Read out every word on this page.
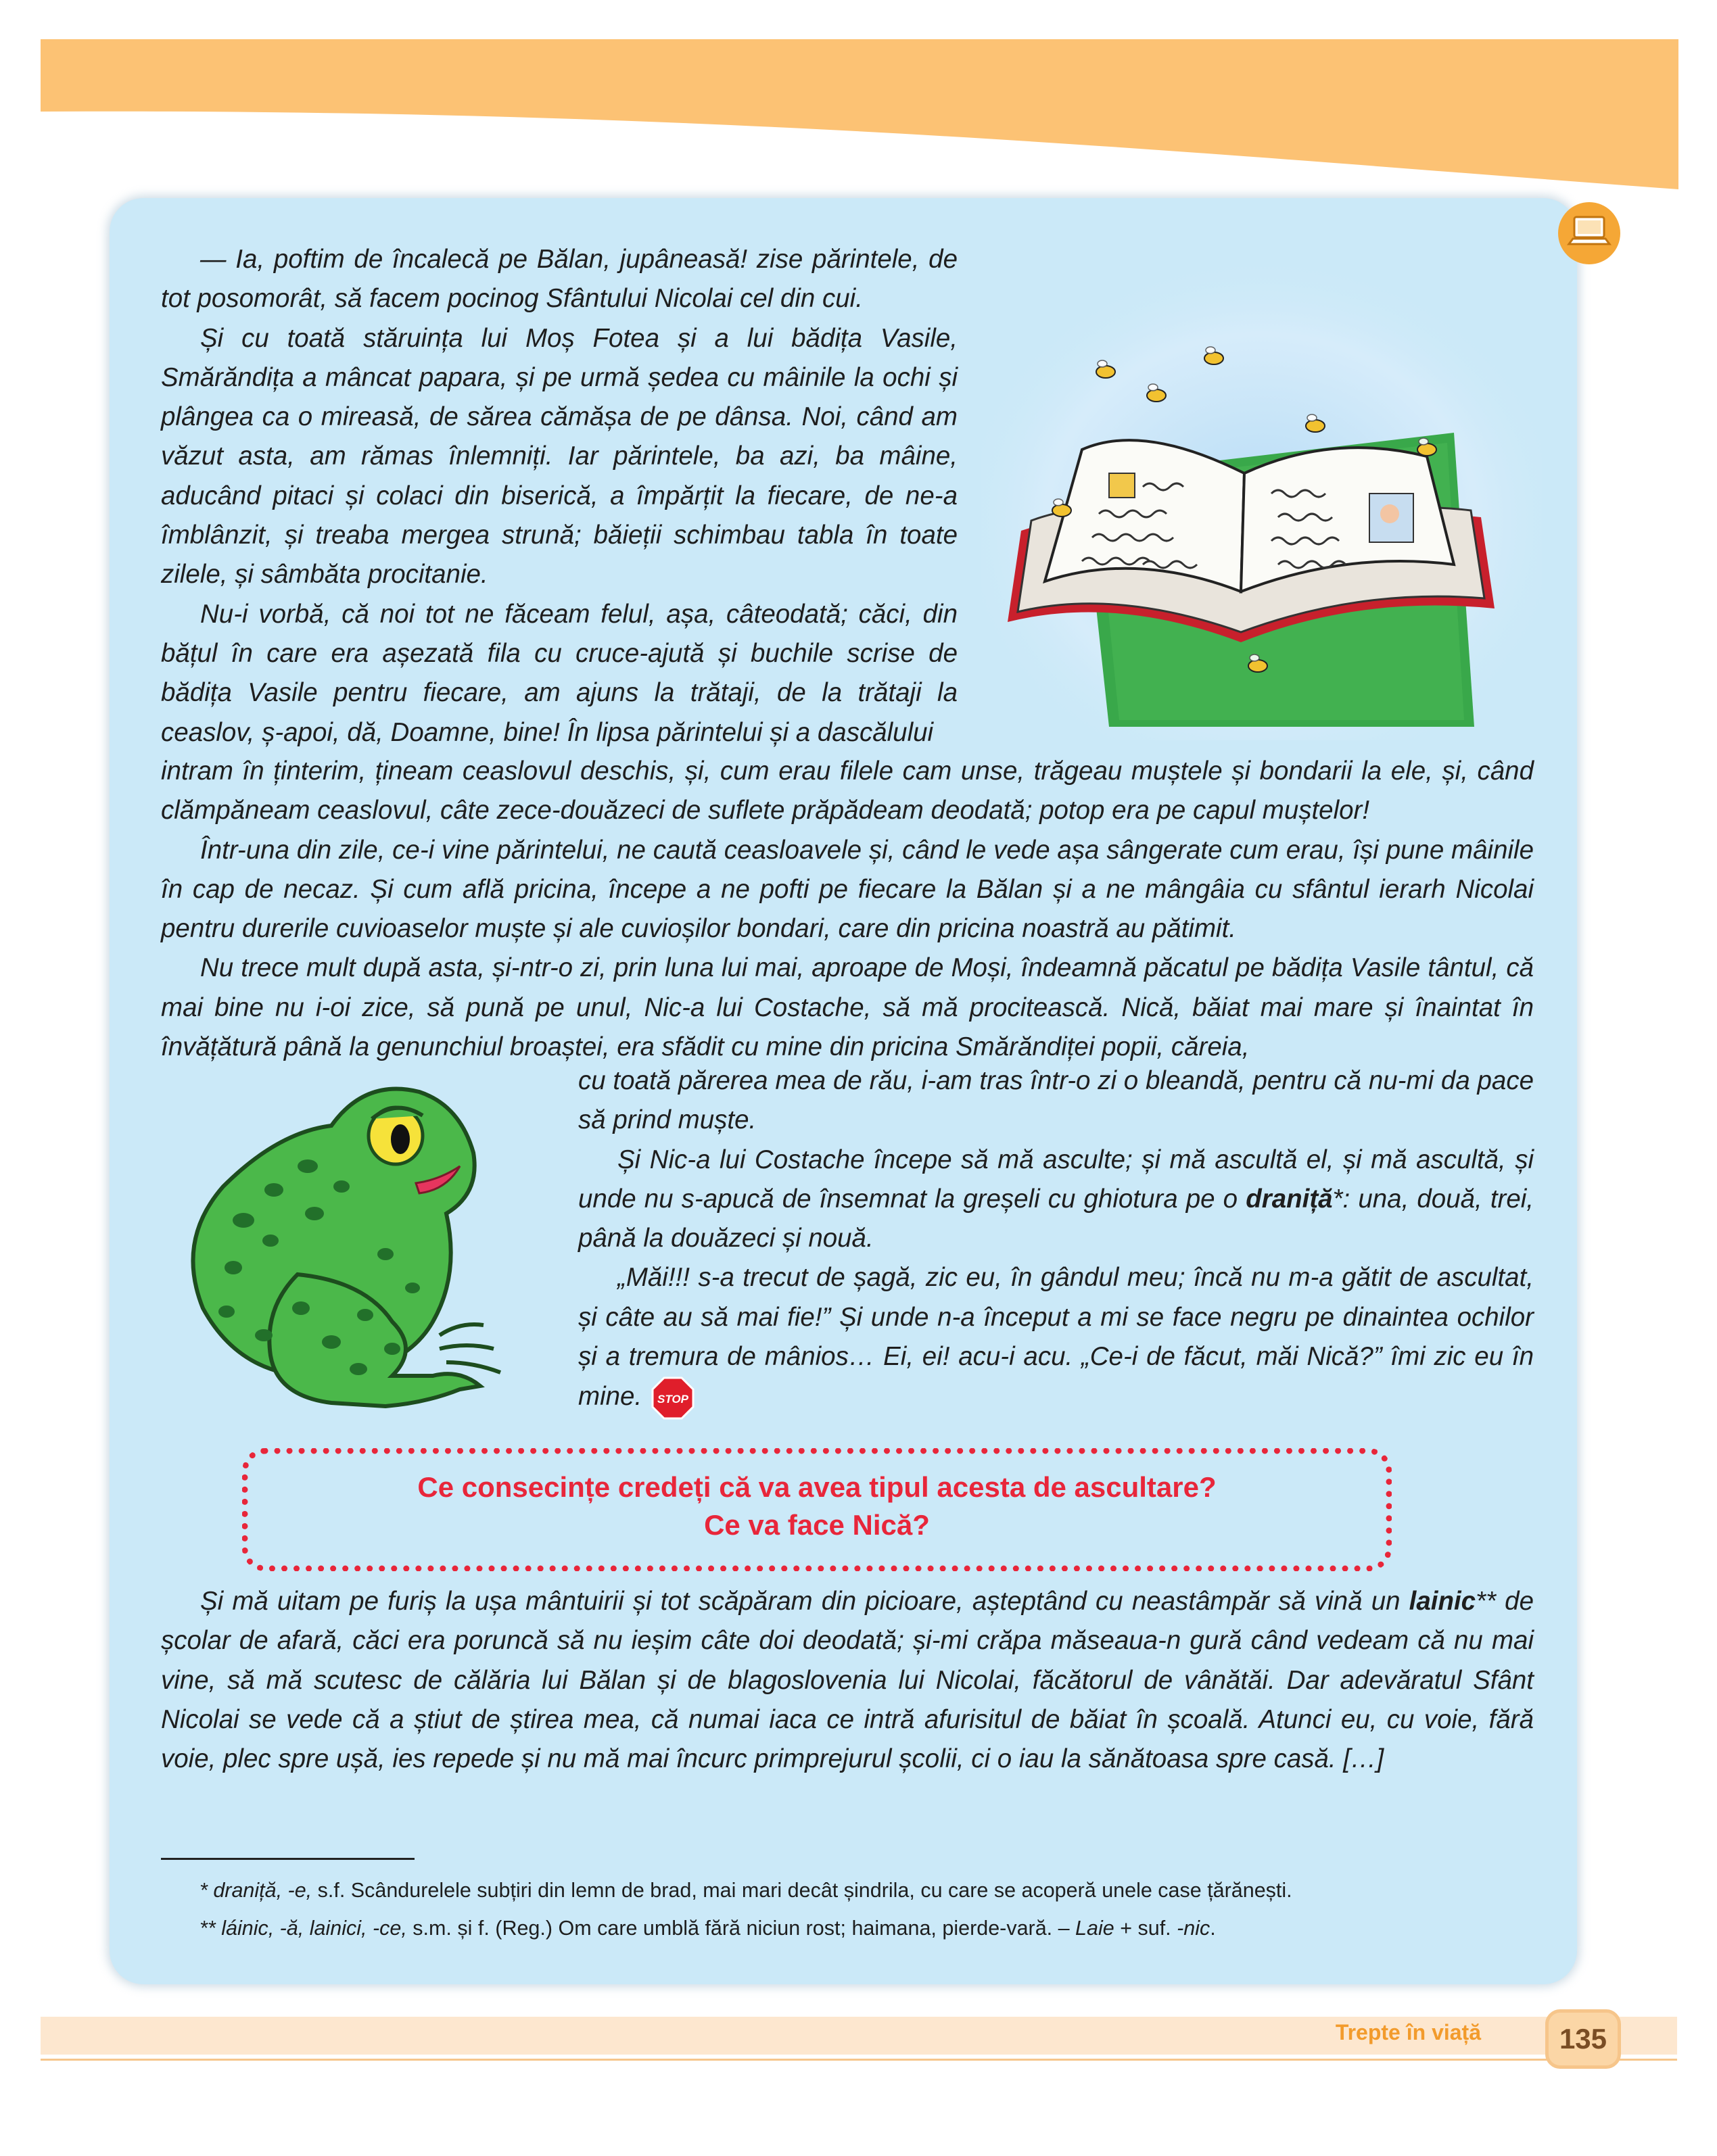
— Ia, poftim de încalecă pe Bălan, jupâneasă! zise părintele, de tot posomorât, să facem pocinog Sfântului Nicolai cel din cui.

Și cu toată stăruința lui Moș Fotea și a lui bădița Vasile, Smărăndița a mâncat papara, și pe urmă ședea cu mâinile la ochi și plângea ca o mireasă, de sărea cămășa de pe dânsa. Noi, când am văzut asta, am rămas înlemniți. Iar părintele, ba azi, ba mâine, aducând pitaci și colaci din biserică, a împărțit la fiecare, de ne-a îmblânzit, și treaba mergea strună; băieții schimbau tabla în toate zilele, și sâmbăta procitanie.

Nu-i vorbă, că noi tot ne făceam felul, așa, câteodată; căci, din bățul în care era așezată fila cu cruce-ajută și buchile scrise de bădița Vasile pentru fiecare, am ajuns la trătaji, de la trătaji la ceaslov, ș-apoi, dă, Doamne, bine! În lipsa părintelui și a dascălului

intram în ținterim, țineam ceaslovul deschis, și, cum erau filele cam unse, trăgeau muștele și bondarii la ele, și, când clămpăneam ceaslovul, câte zece-douăzeci de suflete prăpădeam deodată; potop era pe capul muștelor!

Într-una din zile, ce-i vine părintelui, ne caută ceasloavele și, când le vede așa sângerate cum erau, își pune mâinile în cap de necaz. Și cum află pricina, începe a ne pofti pe fiecare la Bălan și a ne mângâia cu sfântul ierarh Nicolai pentru durerile cuvioaselor muște și ale cuvioșilor bondari, care din pricina noastră au pătimit.

Nu trece mult după asta, și-ntr-o zi, prin luna lui mai, aproape de Moși, îndeamnă păcatul pe bădița Vasile tântul, că mai bine nu i-oi zice, să pună pe unul, Nic-a lui Costache, să mă procitească. Nică, băiat mai mare și înaintat în învățătură până la genunchiul broaștei, era sfădit cu mine din pricina Smărăndiței popii, căreia,

cu toată părerea mea de rău, i-am tras într-o zi o bleandă, pentru că nu-mi da pace să prind muște.

Și Nic-a lui Costache începe să mă asculte; și mă ascultă el, și mă ascultă, și unde nu s-apucă de însemnat la greșeli cu ghiotura pe o draniță*: una, două, trei, până la douăzeci și nouă.

„Măi!!! s-a trecut de șagă, zic eu, în gândul meu; încă nu m-a gătit de ascultat, și câte au să mai fie!” Și unde n-a început a mi se face negru pe dinaintea ochilor și a tremura de mânios… Ei, ei! acu-i acu. „Ce-i de făcut, măi Nică?” îmi zic eu în mine. STOP

Ce consecințe credeți că va avea tipul acesta de ascultare?
Ce va face Nică?

Și mă uitam pe furiș la ușa mântuirii și tot scăpăram din picioare, așteptând cu neastâmpăr să vină un lainic** de școlar de afară, căci era poruncă să nu ieșim câte doi deodată; și-mi crăpa măseaua-n gură când vedeam că nu mai vine, să mă scutesc de călăria lui Bălan și de blagoslovenia lui Nicolai, făcătorul de vânătăi. Dar adevăratul Sfânt Nicolai se vede că a știut de știrea mea, că numai iaca ce intră afurisitul de băiat în școală. Atunci eu, cu voie, fără voie, plec spre ușă, ies repede și nu mă mai încurc primprejurul școlii, ci o iau la sănătoasa spre casă. […]

* draniță, -e, s.f. Scândurelele subțiri din lemn de brad, mai mari decât șindrila, cu care se acoperă unele case țărănești.
** láinic, -ă, lainici, -ce, s.m. și f. (Reg.) Om care umblă fără niciun rost; haimana, pierde-vară. – Laie + suf. -nic.
Trepte în viață	135
